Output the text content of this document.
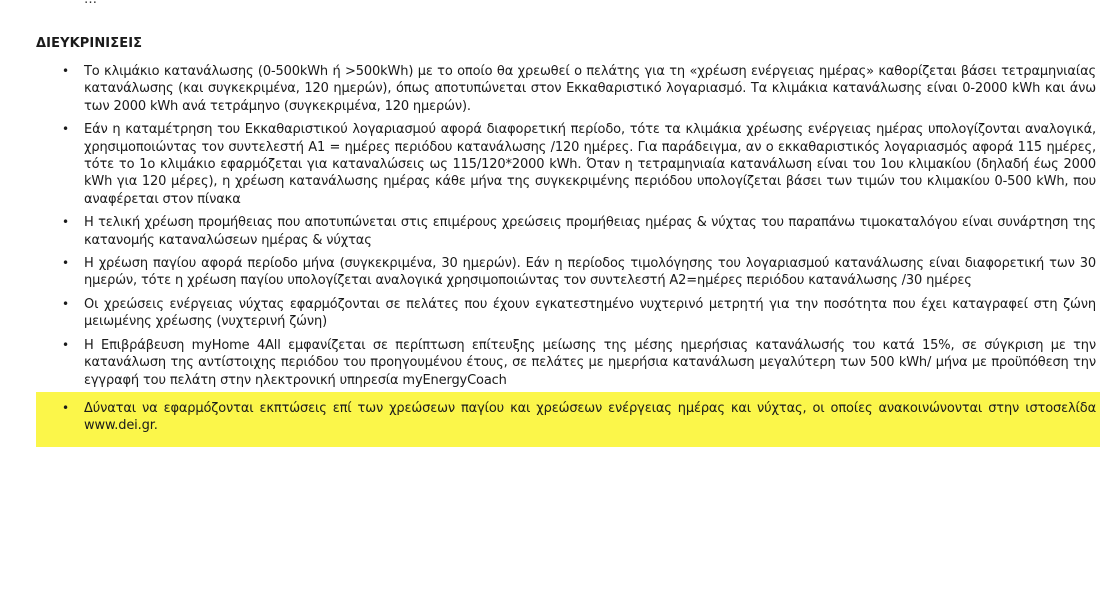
ΔΙΕΥΚΡΙΝΙΣΕΙΣ
• Το κλιμάκιο κατανάλωσης (0-500kWh ή >500kWh) με το οποίο θα χρεωθεί ο πελάτης για τη «χρέωση ενέργειας ημέρας» καθορίζεται βάσει τετραμηνιαίας κατανάλωσης (και συγκεκριμένα, 120 ημερών), όπως αποτυπώνεται στον Εκκαθαριστικό λογαριασμό. Τα κλιμάκια κατανάλωσης είναι 0-2000 kWh και άνω των 2000 kWh ανά τετράμηνο (συγκεκριμένα, 120 ημερών).
• Εάν η καταμέτρηση του Εκκαθαριστικού λογαριασμού αφορά διαφορετική περίοδο, τότε τα κλιμάκια χρέωσης ενέργειας ημέρας υπολογίζονται αναλογικά, χρησιμοποιώντας τον συντελεστή Α1 = ημέρες περιόδου κατανάλωσης /120 ημέρες. Για παράδειγμα, αν ο εκκαθαριστικός λογαριασμός αφορά 115 ημέρες, τότε το 1ο κλιμάκιο εφαρμόζεται για καταναλώσεις ως 115/120*2000 kWh. Όταν η τετραμηνιαία κατανάλωση είναι του 1ου κλιμακίου (δηλαδή έως 2000 kWh για 120 μέρες), η χρέωση κατανάλωσης ημέρας κάθε μήνα της συγκεκριμένης περιόδου υπολογίζεται βάσει των τιμών του κλιμακίου 0-500 kWh, που αναφέρεται στον πίνακα
• Η τελική χρέωση προμήθειας που αποτυπώνεται στις επιμέρους χρεώσεις προμήθειας ημέρας & νύχτας του παραπάνω τιμοκαταλόγου είναι συνάρτηση της κατανομής καταναλώσεων ημέρας & νύχτας
• Η χρέωση παγίου αφορά περίοδο μήνα (συγκεκριμένα, 30 ημερών). Εάν η περίοδος τιμολόγησης του λογαριασμού κατανάλωσης είναι διαφορετική των 30 ημερών, τότε η χρέωση παγίου υπολογίζεται αναλογικά χρησιμοποιώντας τον συντελεστή Α2=ημέρες περιόδου κατανάλωσης /30 ημέρες
• Οι χρεώσεις ενέργειας νύχτας εφαρμόζονται σε πελάτες που έχουν εγκατεστημένο νυχτερινό μετρητή για την ποσότητα που έχει καταγραφεί στη ζώνη μειωμένης χρέωσης (νυχτερινή ζώνη)
• Η Επιβράβευση myHome 4All εμφανίζεται σε περίπτωση επίτευξης μείωσης της μέσης ημερήσιας κατανάλωσής του κατά 15%, σε σύγκριση με την κατανάλωση της αντίστοιχης περιόδου του προηγουμένου έτους, σε πελάτες με ημερήσια κατανάλωση μεγαλύτερη των 500 kWh/ μήνα με προϋπόθεση την εγγραφή του πελάτη στην ηλεκτρονική υπηρεσία myEnergyCoach
• Δύναται να εφαρμόζονται εκπτώσεις επί των χρεώσεων παγίου και χρεώσεων ενέργειας ημέρας και νύχτας, οι οποίες ανακοινώνονται στην ιστοσελίδα www.dei.gr.
